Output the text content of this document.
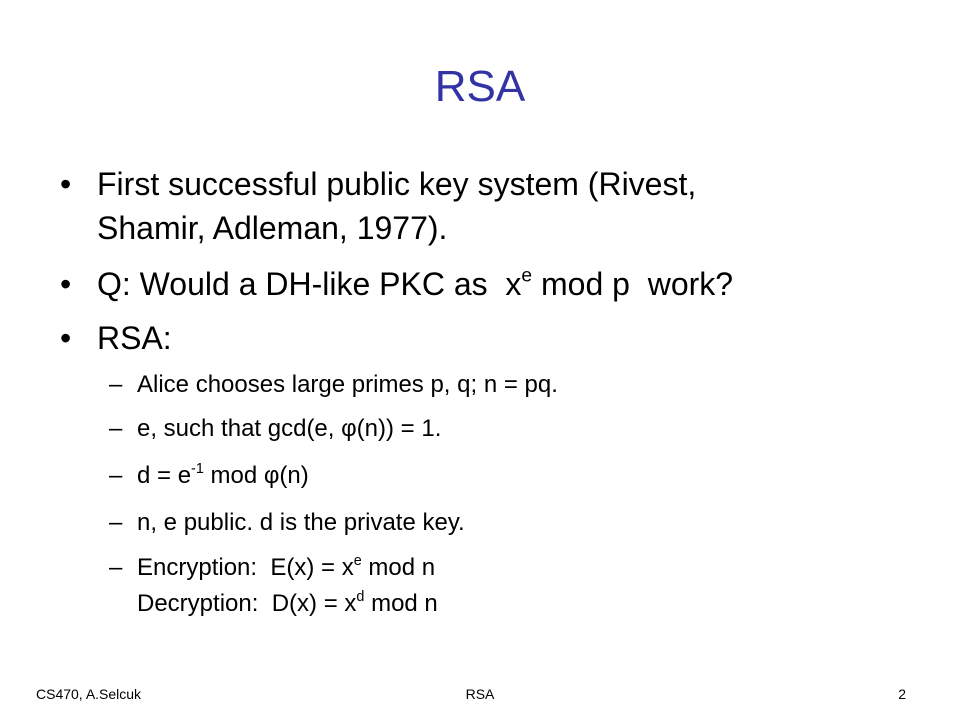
RSA
• First successful public key system (Rivest,
Shamir, Adleman, 1977).
• Q: Would a DH-like PKC as  $x^e$ mod p  work?
• RSA:
– Alice chooses large primes p, q; n = pq.
– e, such that gcd(e, φ(n)) = 1.
– $d = e^{-1}$ mod φ(n)
– n, e public. d is the private key.
– Encryption:  $E(x) = x^e$ mod n
Decryption:  $D(x) = x^d$ mod n
CS470, A.Selcuk	RSA	2
